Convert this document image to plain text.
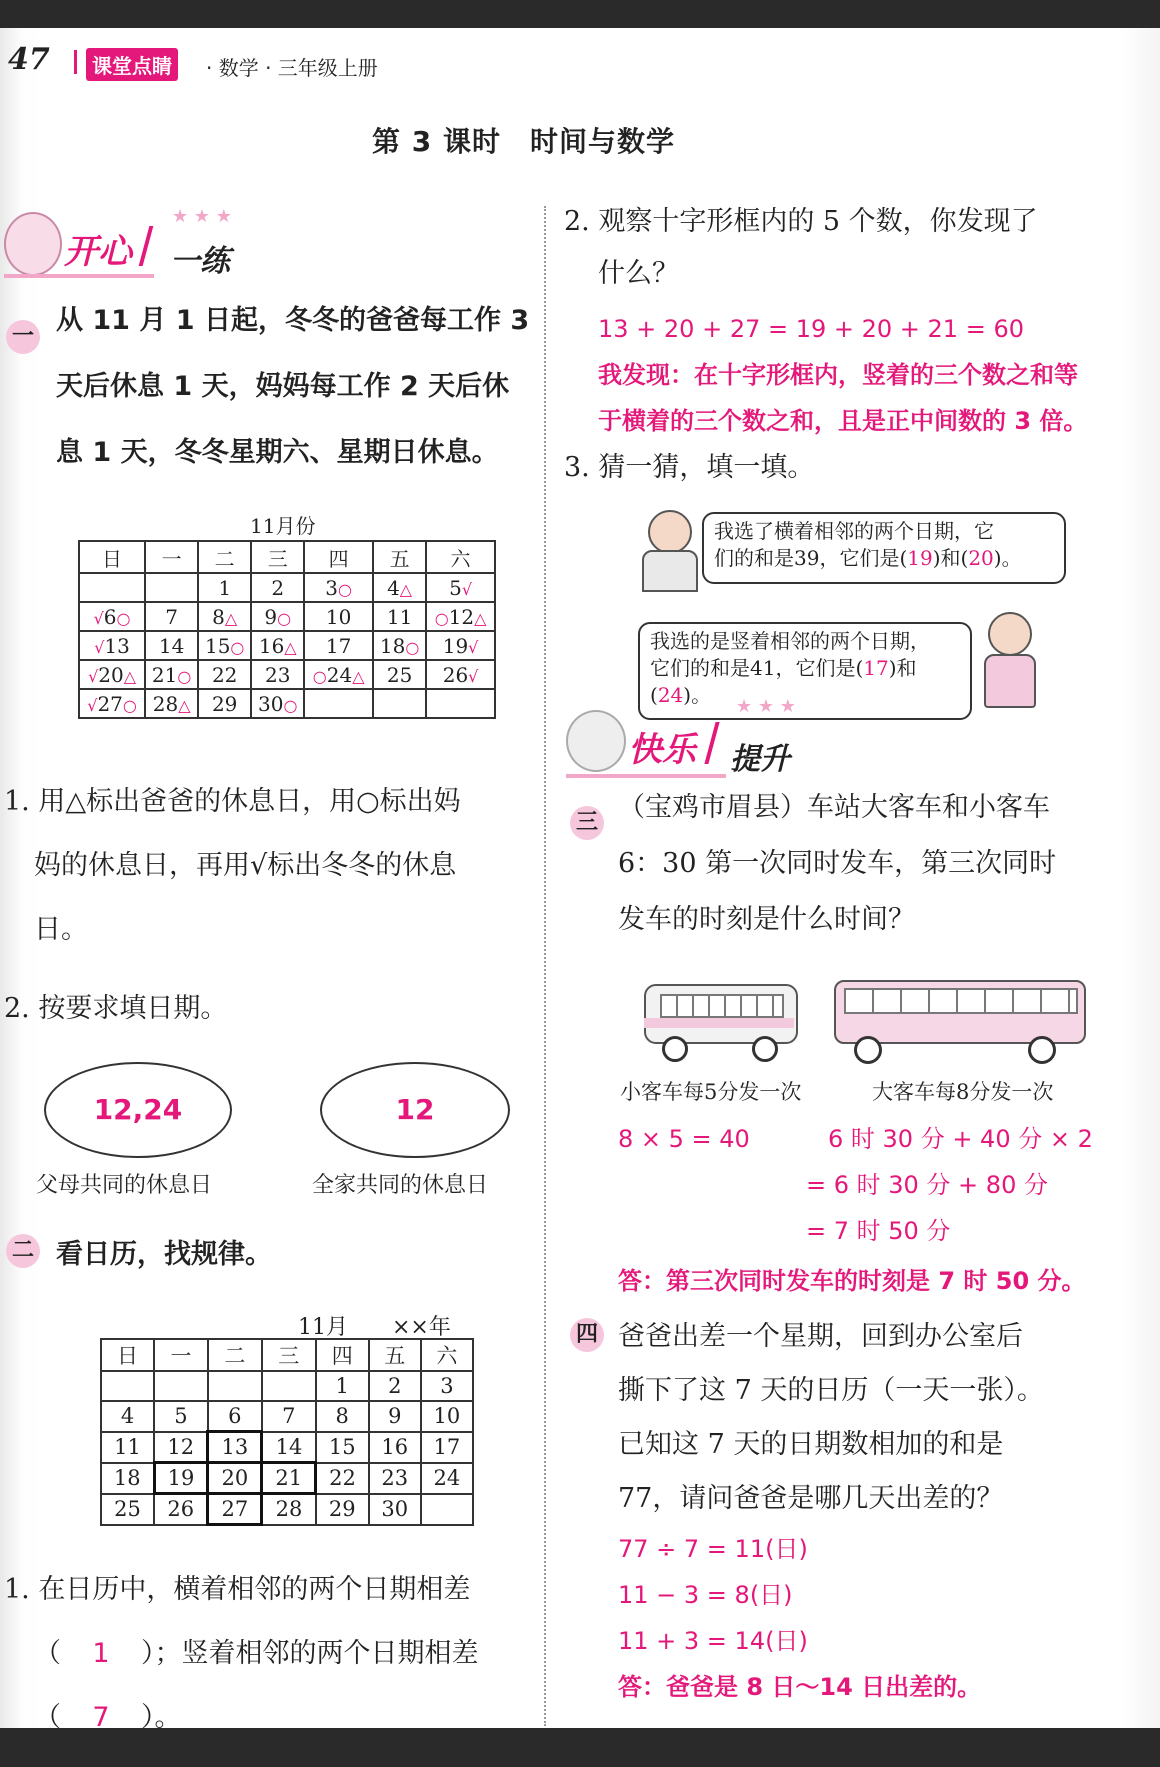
47	课堂点睛	· 数学 · 三年级上册
第 3 课时　时间与数学
★ ★ ★
开心 一练
一
从 11 月 1 日起，冬冬的爸爸每工作 3
天后休息 1 天，妈妈每工作 2 天后休
息 1 天，冬冬星期六、星期日休息。
11月份
日	一	二	三	四	五	六
		1	2	3○	4△	5√
√6○	7	8△	9○	10	11	○12△
√13	14	15○	16△	17	18○	19√
√20△	21○	22	23	○24△	25	26√
√27○	28△	29	30○			
1. 用△标出爸爸的休息日，用○标出妈
妈的休息日，再用√标出冬冬的休息
日。
2. 按要求填日期。
12,24
父母共同的休息日
12
全家共同的休息日
二 看日历，找规律。
11月　　××年
日	一	二	三	四	五	六
				1	2	3
4	5	6	7	8	9	10
11	12	13	14	15	16	17
18	19	20	21	22	23	24
25	26	27	28	29	30	
1. 在日历中，横着相邻的两个日期相差
（ 1 ）；竖着相邻的两个日期相差
（ 7 ）。
2. 观察十字形框内的 5 个数，你发现了
什么？
13 + 20 + 27 = 19 + 20 + 21 = 60
我发现：在十字形框内，竖着的三个数之和等
于横着的三个数之和，且是正中间数的 3 倍。
3. 猜一猜，填一填。
我选了横着相邻的两个日期，它
们的和是39，它们是(19)和(20)。
我选的是竖着相邻的两个日期，
它们的和是41，它们是(17)和
(24)。	★ ★ ★
快乐 提升
三 （宝鸡市眉县）车站大客车和小客车
6：30 第一次同时发车，第三次同时
发车的时刻是什么时间？
小客车每5分发一次	大客车每8分发一次
8 × 5 = 40	6 时 30 分 + 40 分 × 2
= 6 时 30 分 + 80 分
= 7 时 50 分
答：第三次同时发车的时刻是 7 时 50 分。
四 爸爸出差一个星期，回到办公室后
撕下了这 7 天的日历（一天一张）。
已知这 7 天的日期数相加的和是
77，请问爸爸是哪几天出差的？
77 ÷ 7 = 11(日)
11 − 3 = 8(日)
11 + 3 = 14(日)
答：爸爸是 8 日～14 日出差的。
